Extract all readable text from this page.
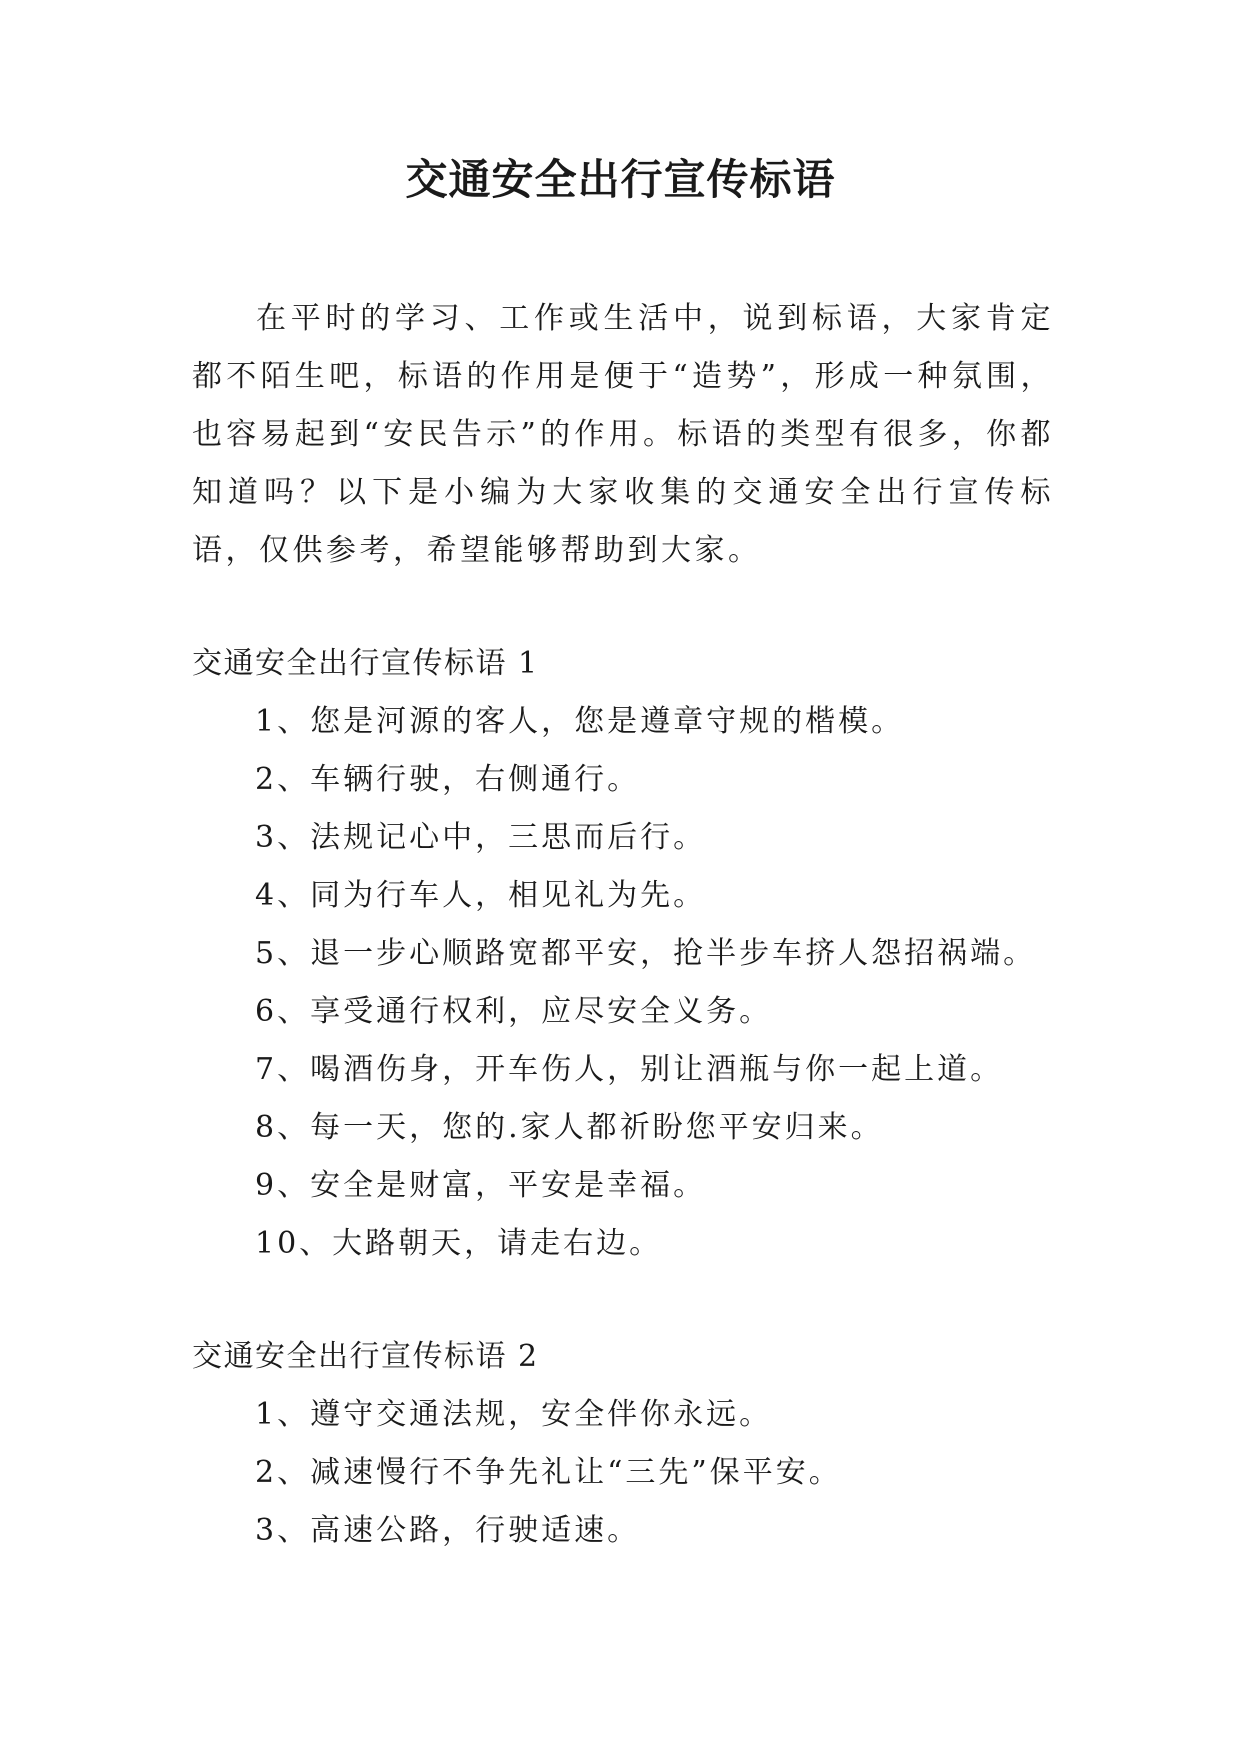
交通安全出行宣传标语

在平时的学习、工作或生活中，说到标语，大家肯定都不陌生吧，标语的作用是便于“造势”，形成一种氛围，也容易起到“安民告示”的作用。标语的类型有很多，你都知道吗？以下是小编为大家收集的交通安全出行宣传标语，仅供参考，希望能够帮助到大家。

交通安全出行宣传标语 1

1、您是河源的客人，您是遵章守规的楷模。
2、车辆行驶，右侧通行。
3、法规记心中，三思而后行。
4、同为行车人，相见礼为先。
5、退一步心顺路宽都平安，抢半步车挤人怨招祸端。
6、享受通行权利，应尽安全义务。
7、喝酒伤身，开车伤人，别让酒瓶与你一起上道。
8、每一天，您的.家人都祈盼您平安归来。
9、安全是财富，平安是幸福。
10、大路朝天，请走右边。

交通安全出行宣传标语 2

1、遵守交通法规，安全伴你永远。
2、减速慢行不争先礼让“三先”保平安。
3、高速公路，行驶适速。
